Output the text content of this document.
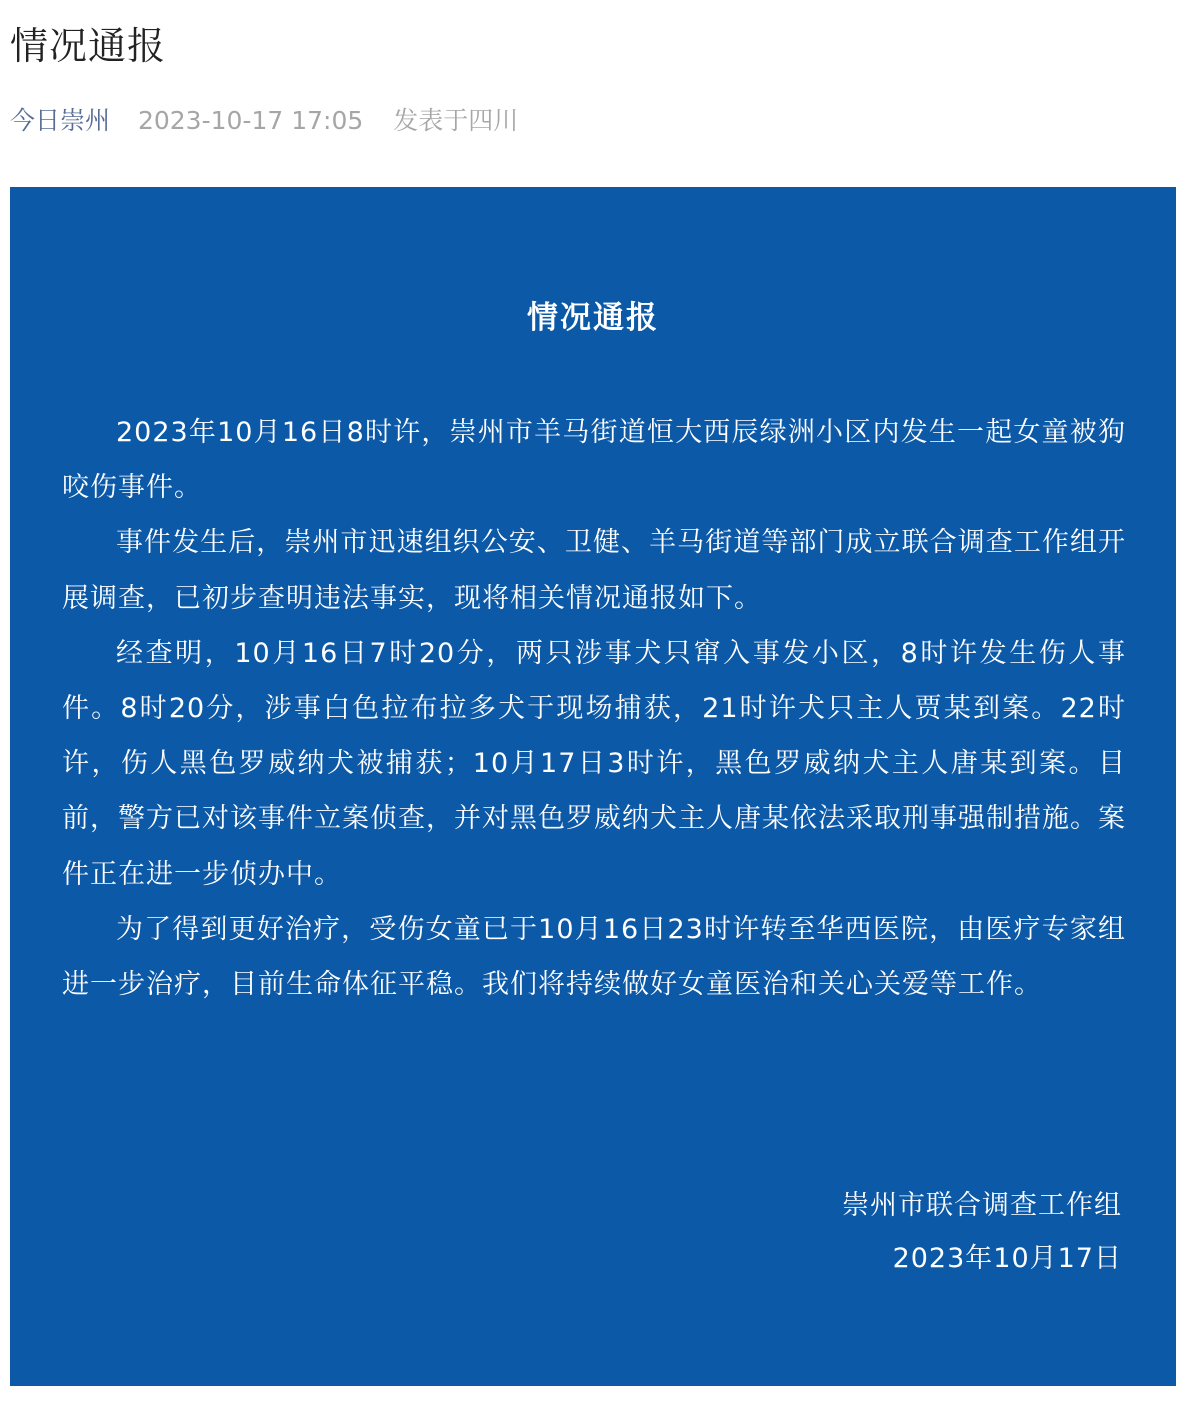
情况通报
今日崇州 2023-10-17 17:05 发表于四川
情况通报

2023年10月16日8时许，崇州市羊马街道恒大西辰绿洲小区内发生一起女童被狗咬伤事件。

事件发生后，崇州市迅速组织公安、卫健、羊马街道等部门成立联合调查工作组开展调查，已初步查明违法事实，现将相关情况通报如下。

经查明，10月16日7时20分，两只涉事犬只窜入事发小区，8时许发生伤人事件。8时20分，涉事白色拉布拉多犬于现场捕获，21时许犬只主人贾某到案。22时许，伤人黑色罗威纳犬被捕获；10月17日3时许，黑色罗威纳犬主人唐某到案。目前，警方已对该事件立案侦查，并对黑色罗威纳犬主人唐某依法采取刑事强制措施。案件正在进一步侦办中。

为了得到更好治疗，受伤女童已于10月16日23时许转至华西医院，由医疗专家组进一步治疗，目前生命体征平稳。我们将持续做好女童医治和关心关爱等工作。

崇州市联合调查工作组
2023年10月17日
